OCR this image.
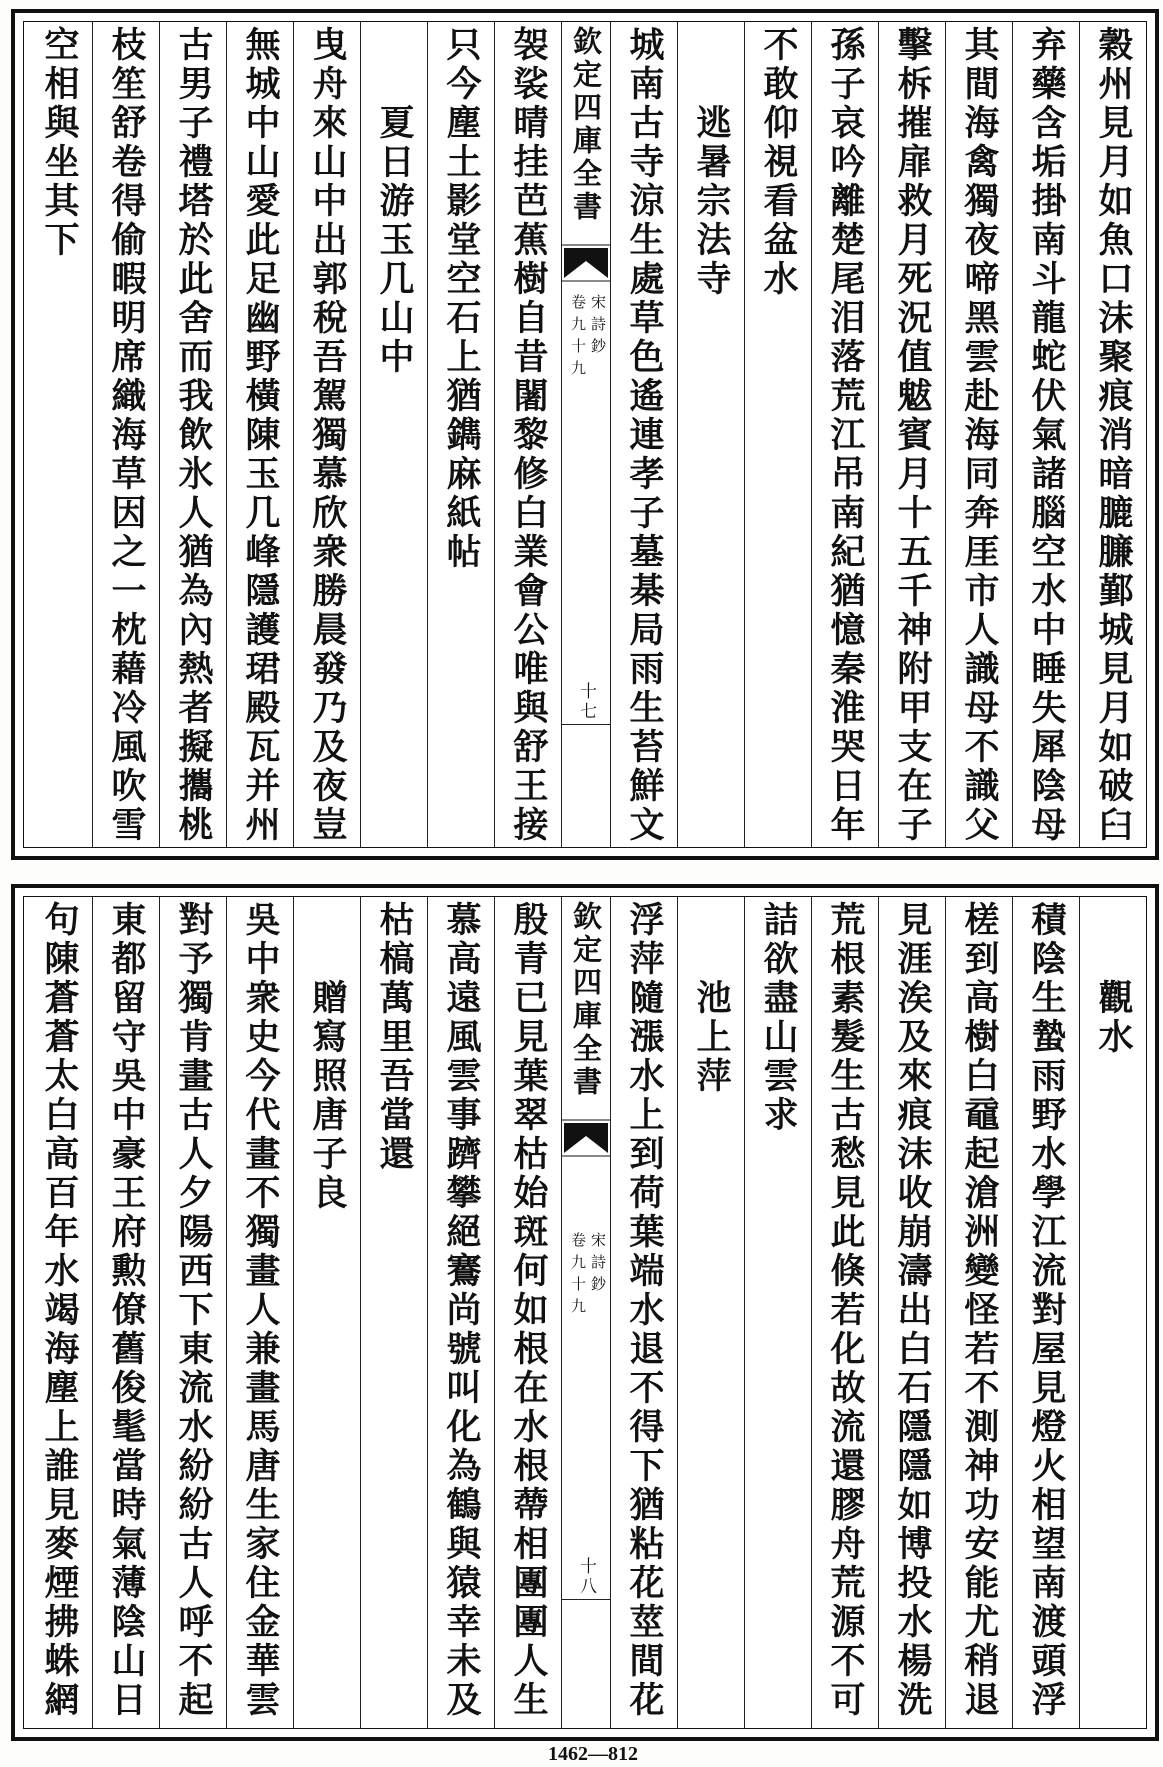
穀州見月如魚口沫聚痕消暗膔臁鄞城見月如破臼
弃藥含垢掛南斗龍蛇伏氣諸腦空水中睡失犀陰母
其間海禽獨夜啼黑雲赴海同奔厓市人識母不識父
擊柝摧扉救月死況值魃賓月十五千神附甲支在子
孫子哀吟離楚尾泪落荒江吊南紀猶憶秦淮哭日年
不敢仰視看盆水
逃暑宗法寺
城南古寺涼生處草色遙連孝子墓棊局雨生苔鮮文
欽定四庫全書
宋詩鈔
卷九十九
十七
袈裟晴挂芭蕉樹自昔闍黎修白業會公唯與舒王接
只今塵土影堂空石上猶鐫麻紙帖
夏日游玉几山中
曳舟來山中出郭稅吾駕獨慕欣衆勝晨發乃及夜豈
無城中山愛此足幽野橫陳玉几峰隱護珺殿瓦并州
古男子禮塔於此舍而我飲氷人猶為內熱者擬攜桃
枝笙舒卷得偷暇明席織海草因之一枕藉冷風吹雪
空相與坐其下
觀水
積陰生蟄雨野水學江流對屋見燈火相望南渡頭浮
槎到高樹白黿起滄洲變怪若不測神功安能尤稍退
見涯涘及來痕沫收崩濤出白石隱隱如博投水楊洗
荒根素髮生古愁見此倏若化故流還膠舟荒源不可
詰欲盡山雲求
池上萍
浮萍隨漲水上到荷葉端水退不得下猶粘花莖間花
欽定四庫全書
宋詩鈔
卷九十九
十八
殷青已見葉翠枯始斑何如根在水根蔕相團團人生
慕高遠風雲事躋攀絕鶱尚號叫化為鶴與猿幸未及
枯槁萬里吾當還
贈寫照唐子良
吳中衆史今代畫不獨畫人兼畫馬唐生家住金華雲
對予獨肯畫古人夕陽西下東流水紛紛古人呼不起
東都留守吳中豪王府勲僚舊俊髦當時氣薄陰山日
句陳蒼蒼太白高百年水竭海塵上誰見麥煙拂蛛網
1462—812
